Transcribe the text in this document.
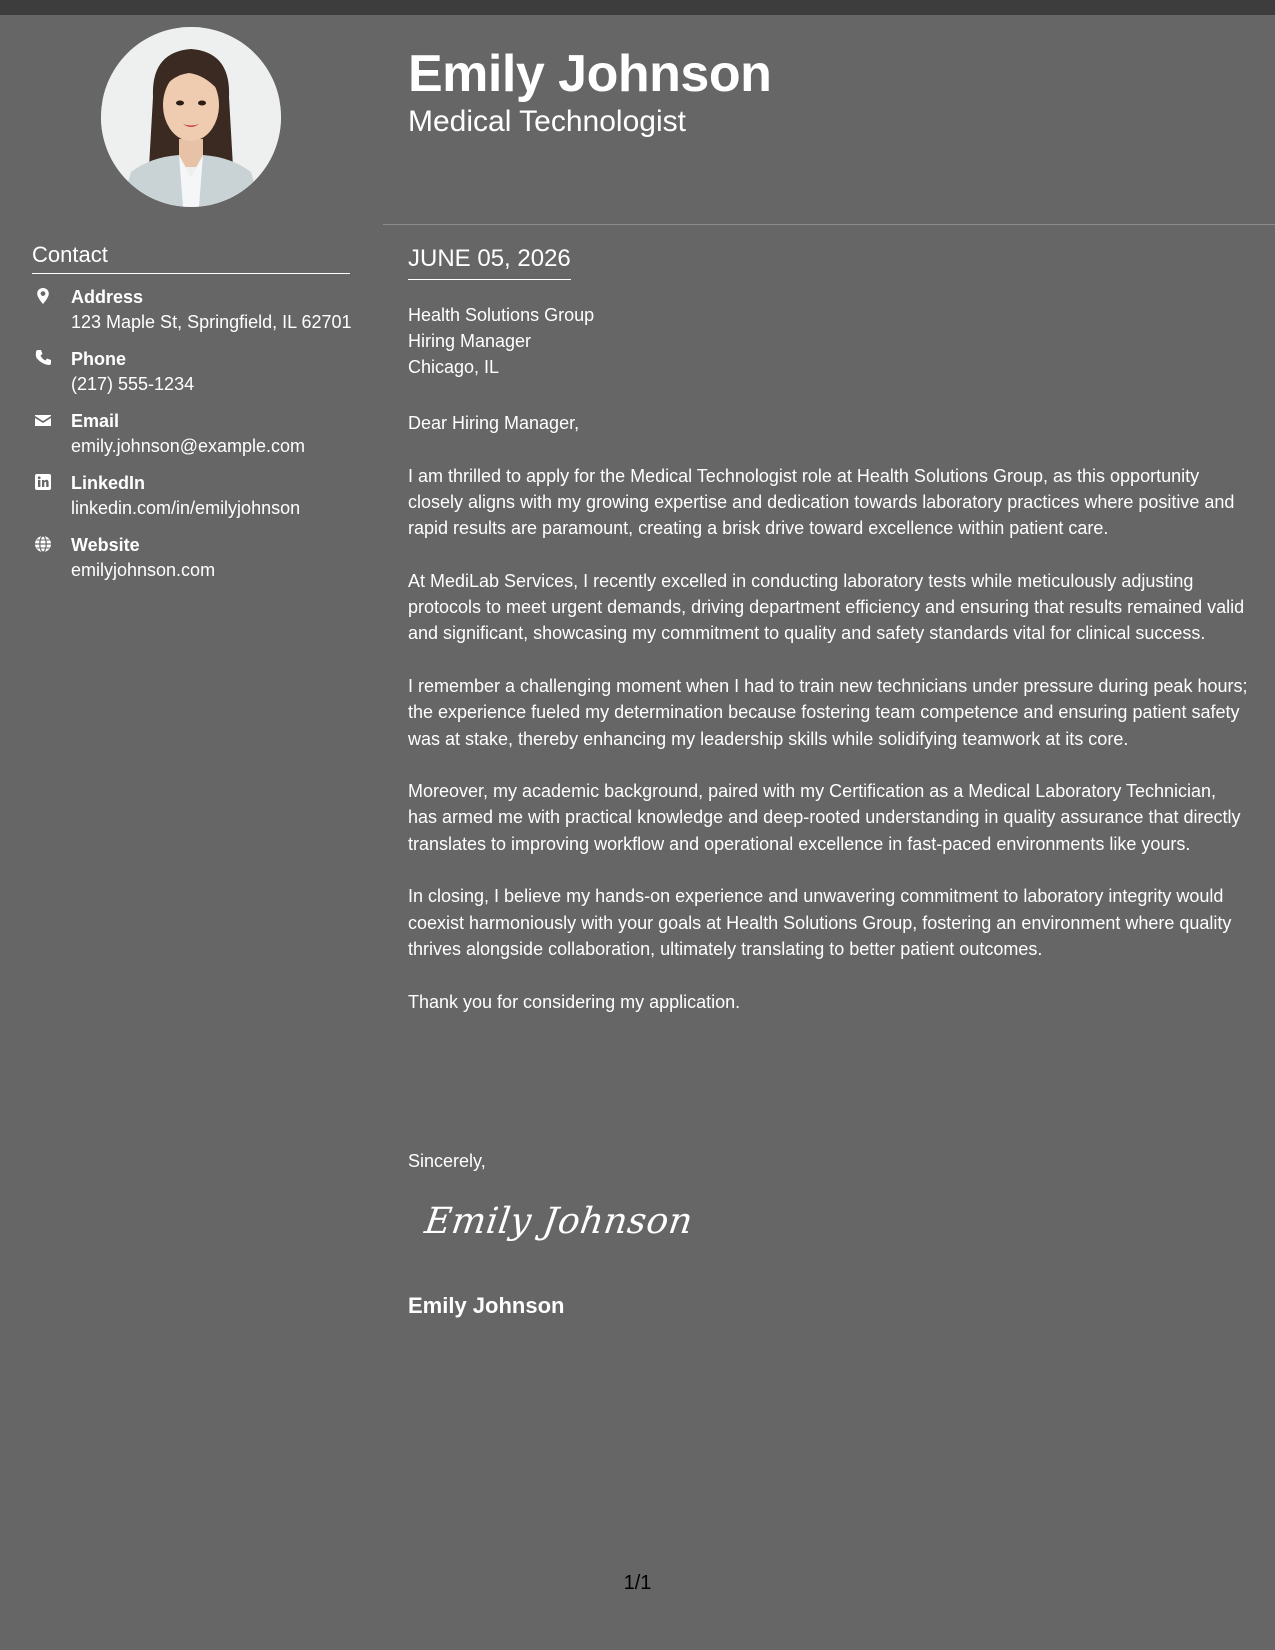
Contact
Address
123 Maple St, Springfield, IL 62701
Phone
(217) 555-1234
Email
emily.johnson@example.com
LinkedIn
linkedin.com/in/emilyjohnson
Website
emilyjohnson.com
Emily Johnson
Medical Technologist
JUNE 05, 2026
Health Solutions Group
Hiring Manager
Chicago, IL

Dear Hiring Manager,

I am thrilled to apply for the Medical Technologist role at Health Solutions Group, as this opportunity closely aligns with my growing expertise and dedication towards laboratory practices where positive and rapid results are paramount, creating a brisk drive toward excellence within patient care.

At MediLab Services, I recently excelled in conducting laboratory tests while meticulously adjusting protocols to meet urgent demands, driving department efficiency and ensuring that results remained valid and significant, showcasing my commitment to quality and safety standards vital for clinical success.

I remember a challenging moment when I had to train new technicians under pressure during peak hours; the experience fueled my determination because fostering team competence and ensuring patient safety was at stake, thereby enhancing my leadership skills while solidifying teamwork at its core.

Moreover, my academic background, paired with my Certification as a Medical Laboratory Technician, has armed me with practical knowledge and deep-rooted understanding in quality assurance that directly translates to improving workflow and operational excellence in fast-paced environments like yours.

In closing, I believe my hands-on experience and unwavering commitment to laboratory integrity would coexist harmoniously with your goals at Health Solutions Group, fostering an environment where quality thrives alongside collaboration, ultimately translating to better patient outcomes.

Thank you for considering my application.

Sincerely,
Emily Johnson
Emily Johnson
1/1
